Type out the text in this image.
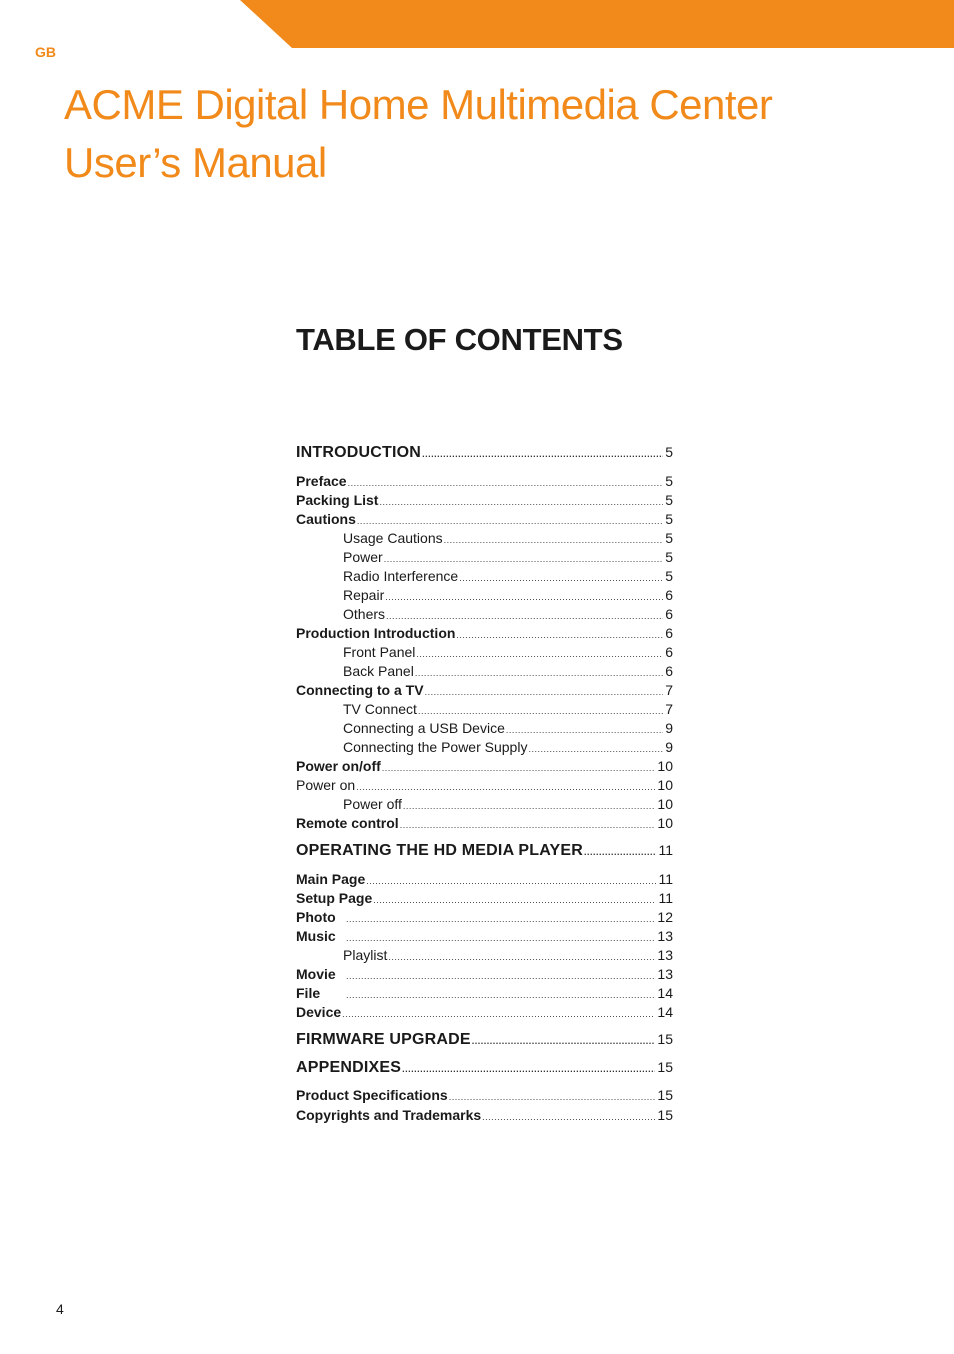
GB
ACME Digital Home Multimedia Center
User’s Manual
TABLE OF CONTENTS
INTRODUCTION .....	5
Preface .....	5
Packing List .....	5
Cautions .....	5
Usage Cautions .....	5
Power .....	5
Radio Interference .....	5
Repair .....	6
Others .....	6
Production Introduction .....	6
Front Panel .....	6
Back Panel .....	6
Connecting to a TV .....	7
TV Connect .....	7
Connecting a USB Device .....	9
Connecting the Power Supply .....	9
Power on/off .....	10
Power on .....	10
Power off .....	10
Remote control .....	10
OPERATING THE HD MEDIA PLAYER .....	11
Main Page .....	11
Setup Page .....	11
Photo .....	12
Music .....	13
Playlist .....	13
Movie .....	13
File .....	14
Device .....	14
FIRMWARE UPGRADE .....	15
APPENDIXES .....	15
Product Specifications .....	15
Copyrights and Trademarks .....	15
4
